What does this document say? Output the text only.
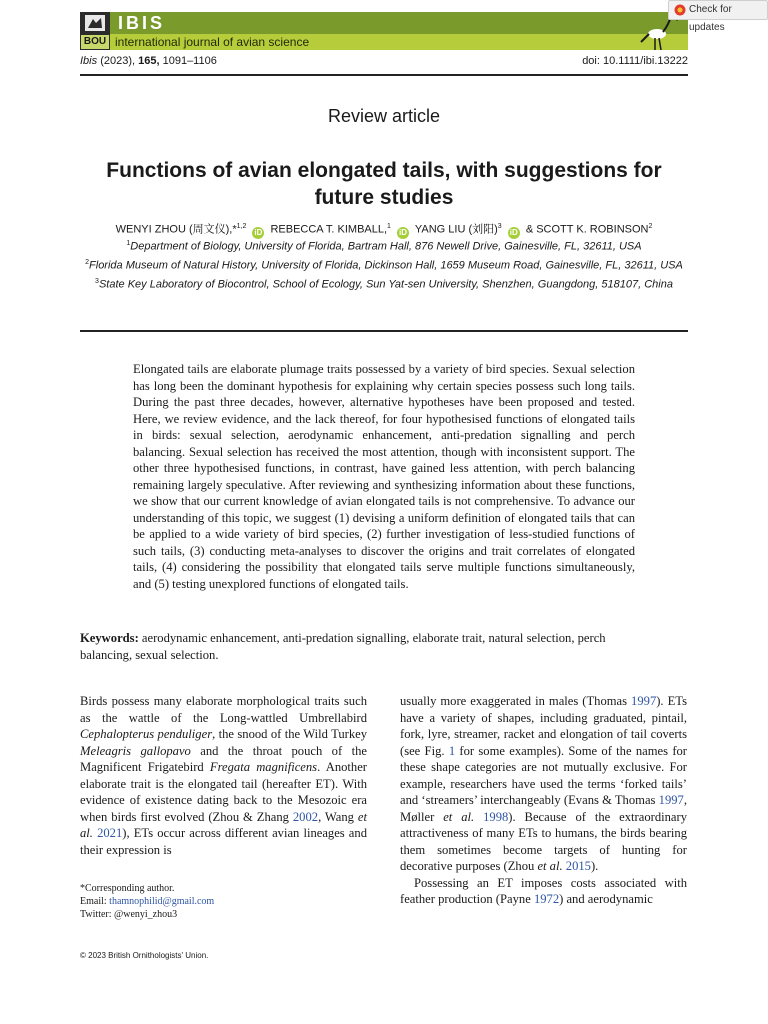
BOU
IBIS
international journal of avian science
Check for updates
Ibis (2023), 165, 1091–1106	doi: 10.1111/ibi.13222
Review article
Functions of avian elongated tails, with suggestions for future studies
WENYI ZHOU (周文仪),*$^{1,2}$ iD REBECCA T. KIMBALL,$^1$ iD YANG LIU (刘阳)$^3$ iD & SCOTT K. ROBINSON$^2$

$^1$Department of Biology, University of Florida, Bartram Hall, 876 Newell Drive, Gainesville, FL, 32611, USA

$^2$Florida Museum of Natural History, University of Florida, Dickinson Hall, 1659 Museum Road, Gainesville, FL, 32611, USA

$^3$State Key Laboratory of Biocontrol, School of Ecology, Sun Yat-sen University, Shenzhen, Guangdong, 518107, China

Elongated tails are elaborate plumage traits possessed by a variety of bird species. Sexual selection has long been the dominant hypothesis for explaining why certain species possess such long tails. During the past three decades, however, alternative hypotheses have been proposed and tested. Here, we review evidence, and the lack thereof, for four hypothesised functions of elongated tails in birds: sexual selection, aerodynamic enhancement, anti-predation signalling and perch balancing. Sexual selection has received the most attention, though with inconsistent support. The other three hypothesised functions, in contrast, have gained less attention, with perch balancing remaining largely speculative. After reviewing and synthesizing information about these functions, we show that our current knowledge of avian elongated tails is not comprehensive. To advance our understanding of this topic, we suggest (1) devising a uniform definition of elongated tails that can be applied to a wide variety of bird species, (2) further investigation of less-studied functions of such tails, (3) conducting meta-analyses to discover the origins and trait correlates of elongated tails, (4) considering the possibility that elongated tails serve multiple functions simultaneously, and (5) testing unexplored functions of elongated tails.

Keywords: aerodynamic enhancement, anti-predation signalling, elaborate trait, natural selection, perch balancing, sexual selection.

Birds possess many elaborate morphological traits such as the wattle of the Long-wattled Umbrellabird Cephalopterus penduliger, the snood of the Wild Turkey Meleagris gallopavo and the throat pouch of the Magnificent Frigatebird Fregata magnificens. Another elaborate trait is the elongated tail (hereafter ET). With evidence of existence dating back to the Mesozoic era when birds first evolved (Zhou & Zhang 2002, Wang et al. 2021), ETs occur across different avian lineages and their expression is

usually more exaggerated in males (Thomas 1997). ETs have a variety of shapes, including graduated, pintail, fork, lyre, streamer, racket and elongation of tail coverts (see Fig. 1 for some examples). Some of the names for these shape categories are not mutually exclusive. For example, researchers have used the terms ‘forked tails’ and ‘streamers’ interchangeably (Evans & Thomas 1997, Møller et al. 1998). Because of the extraordinary attractiveness of many ETs to humans, the birds bearing them sometimes become targets of hunting for decorative purposes (Zhou et al. 2015).

Possessing an ET imposes costs associated with feather production (Payne 1972) and aerodynamic

*Corresponding author.

Email: thamnophilid@gmail.com

Twitter: @wenyi_zhou3

© 2023 British Ornithologists' Union.
